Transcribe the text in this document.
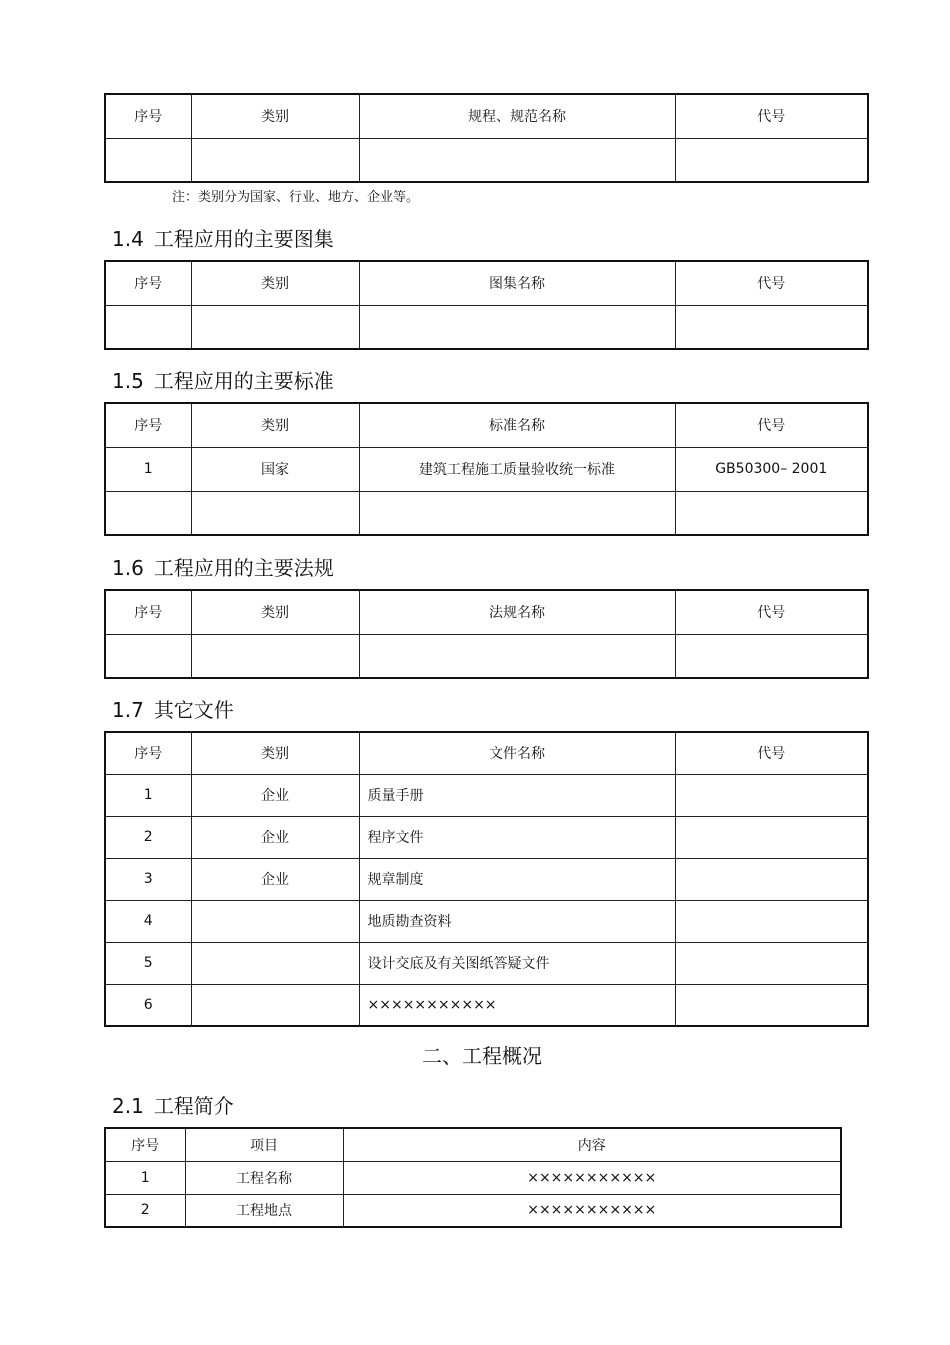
序号	类别	规程、规范名称	代号

注：类别分为国家、行业、地方、企业等。
1.4 工程应用的主要图集
序号	类别	图集名称	代号

1.5 工程应用的主要标准
序号	类别	标准名称	代号
1	国家	建筑工程施工质量验收统一标准	GB50300– 2001

1.6 工程应用的主要法规
序号	类别	法规名称	代号

1.7 其它文件
序号	类别	文件名称	代号
1	企业	质量手册	
2	企业	程序文件	
3	企业	规章制度	
4		地质勘查资料	
5		设计交底及有关图纸答疑文件	
6		×××××××××××	
二、工程概况
2.1 工程简介
序号	项目	内容
1	工程名称	×××××××××××
2	工程地点	×××××××××××
